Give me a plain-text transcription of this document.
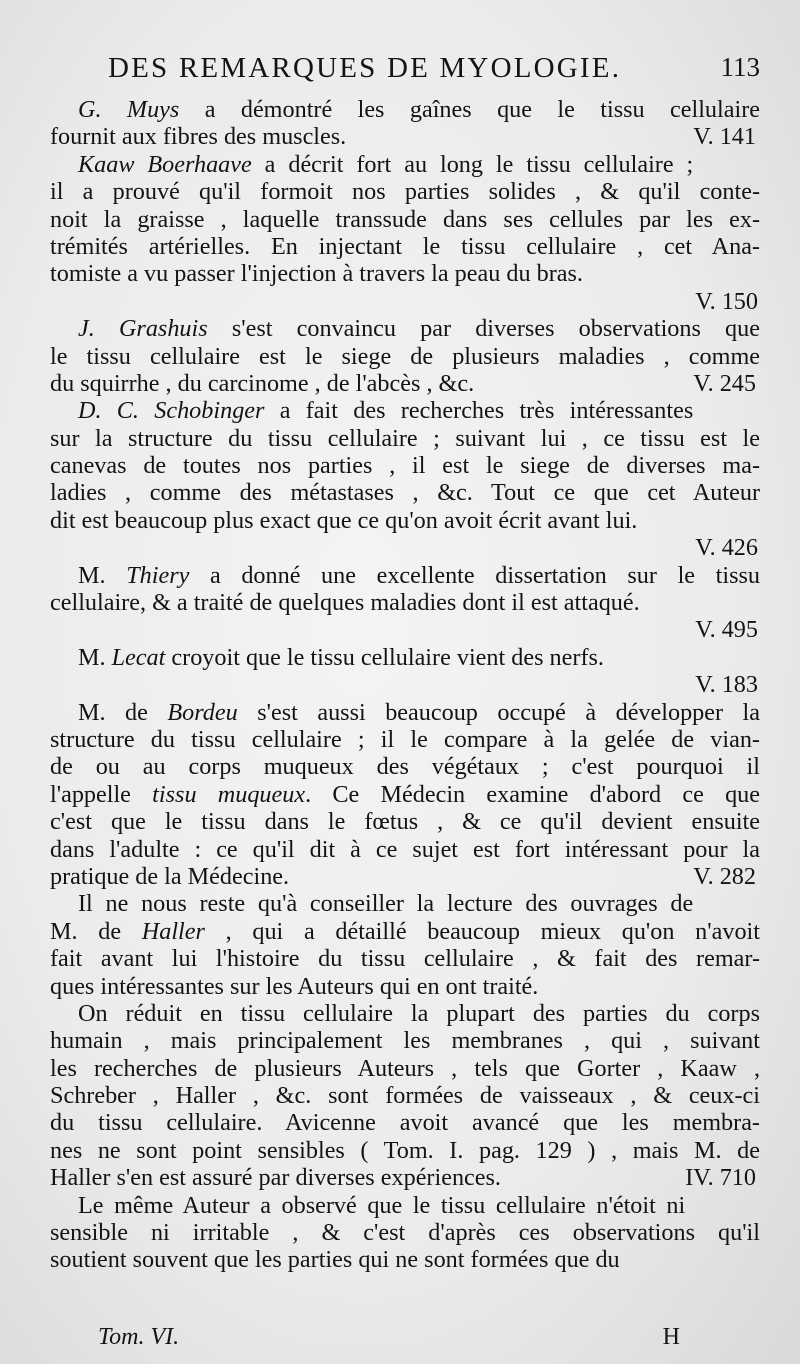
DES REMARQUES DE MYOLOGIE.	113
G. Muys a démontré les gaînes que le tissu cellulaire
fournit aux fibres des muscles.	V. 141
Kaaw Boerhaave a décrit fort au long le tissu cellulaire ;
il a prouvé qu'il formoit nos parties solides , & qu'il conte-
noit la graisse , laquelle transsude dans ses cellules par les ex-
trémités artérielles. En injectant le tissu cellulaire , cet Ana-
tomiste a vu passer l'injection à travers la peau du bras.
V. 150
J. Grashuis s'est convaincu par diverses observations que
le tissu cellulaire est le siege de plusieurs maladies , comme
du squirrhe , du carcinome , de l'abcès , &c.	V. 245
D. C. Schobinger a fait des recherches très intéressantes
sur la structure du tissu cellulaire ; suivant lui , ce tissu est le
canevas de toutes nos parties , il est le siege de diverses ma-
ladies , comme des métastases , &c. Tout ce que cet Auteur
dit est beaucoup plus exact que ce qu'on avoit écrit avant lui.
V. 426
M. Thiery a donné une excellente dissertation sur le tissu
cellulaire, & a traité de quelques maladies dont il est attaqué.
V. 495
M. Lecat croyoit que le tissu cellulaire vient des nerfs.
V. 183
M. de Bordeu s'est aussi beaucoup occupé à développer la
structure du tissu cellulaire ; il le compare à la gelée de vian-
de ou au corps muqueux des végétaux ; c'est pourquoi il
l'appelle tissu muqueux. Ce Médecin examine d'abord ce que
c'est que le tissu dans le fœtus , & ce qu'il devient ensuite
dans l'adulte : ce qu'il dit à ce sujet est fort intéressant pour la
pratique de la Médecine.	V. 282
Il ne nous reste qu'à conseiller la lecture des ouvrages de
M. de Haller , qui a détaillé beaucoup mieux qu'on n'avoit
fait avant lui l'histoire du tissu cellulaire , & fait des remar-
ques intéressantes sur les Auteurs qui en ont traité.
On réduit en tissu cellulaire la plupart des parties du corps
humain , mais principalement les membranes , qui , suivant
les recherches de plusieurs Auteurs , tels que Gorter , Kaaw ,
Schreber , Haller , &c. sont formées de vaisseaux , & ceux-ci
du tissu cellulaire. Avicenne avoit avancé que les membra-
nes ne sont point sensibles ( Tom. I. pag. 129 ) , mais M. de
Haller s'en est assuré par diverses expériences.	IV. 710
Le même Auteur a observé que le tissu cellulaire n'étoit ni
sensible ni irritable , & c'est d'après ces observations qu'il
soutient souvent que les parties qui ne sont formées que du
Tom. VI.	H
